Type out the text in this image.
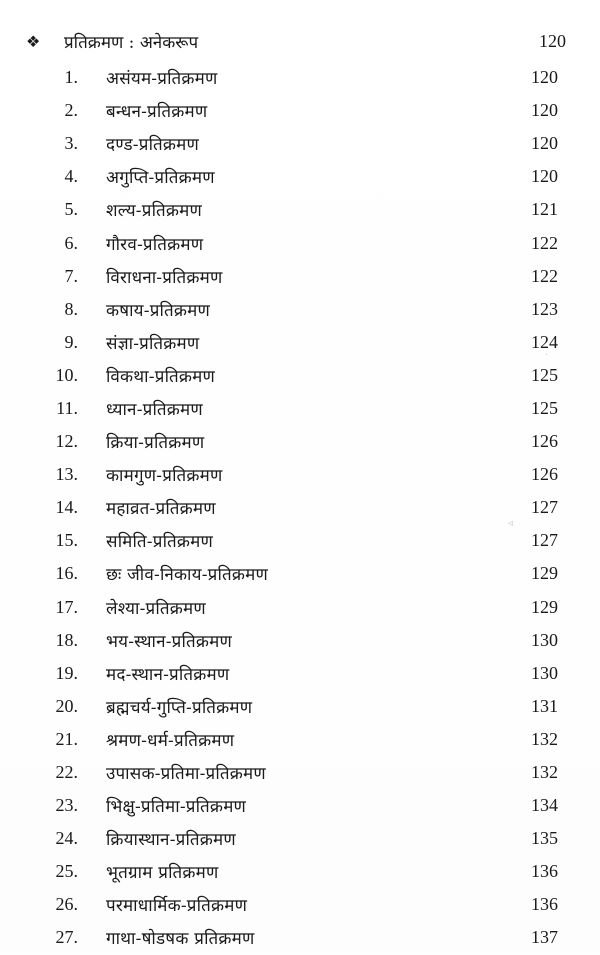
❖	प्रतिक्रमण : अनेकरूप	120
1. असंयम-प्रतिक्रमण	120
2. बन्धन-प्रतिक्रमण	120
3. दण्ड-प्रतिक्रमण	120
4. अगुप्ति-प्रतिक्रमण	120
5. शल्य-प्रतिक्रमण	121
6. गौरव-प्रतिक्रमण	122
7. विराधना-प्रतिक्रमण	122
8. कषाय-प्रतिक्रमण	123
9. संज्ञा-प्रतिक्रमण	124
10. विकथा-प्रतिक्रमण	125
11. ध्यान-प्रतिक्रमण	125
12. क्रिया-प्रतिक्रमण	126
13. कामगुण-प्रतिक्रमण	126
14. महाव्रत-प्रतिक्रमण	127
15. समिति-प्रतिक्रमण	127
16. छः जीव-निकाय-प्रतिक्रमण	129
17. लेश्या-प्रतिक्रमण	129
18. भय-स्थान-प्रतिक्रमण	130
19. मद-स्थान-प्रतिक्रमण	130
20. ब्रह्मचर्य-गुप्ति-प्रतिक्रमण	131
21. श्रमण-धर्म-प्रतिक्रमण	132
22. उपासक-प्रतिमा-प्रतिक्रमण	132
23. भिक्षु-प्रतिमा-प्रतिक्रमण	134
24. क्रियास्थान-प्रतिक्रमण	135
25. भूतग्राम प्रतिक्रमण	136
26. परमाधार्मिक-प्रतिक्रमण	136
27. गाथा-षोडषक प्रतिक्रमण	137
·
◃
